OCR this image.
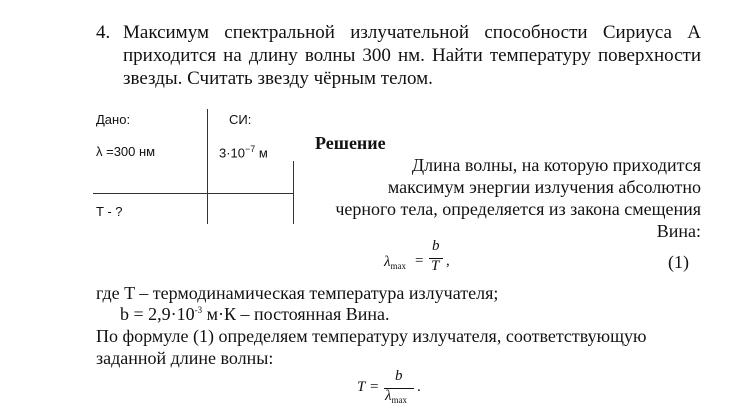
4. Максимум спектральной излучательной способности Сириуса А
приходится на длину волны 300 нм. Найти температуру поверхности
звезды. Считать звезду чёрным телом.
Дано:	СИ:
λ =300 нм	$3\cdot 10^{-7}$ м
T - ?
Решение
Длина волны, на которую приходится
максимум энергии излучения абсолютно
черного тела, определяется из закона смещения
Вина:
$\lambda_{max}$ =
b
T ,	(1)
где T – термодинамическая температура излучателя;
$b = 2,9\cdot 10^{-3}$ м·К – постоянная Вина.
По формуле (1) определяем температуру излучателя, соответствующую
заданной длине волны:
T =
b
$\lambda_{max}$
.
